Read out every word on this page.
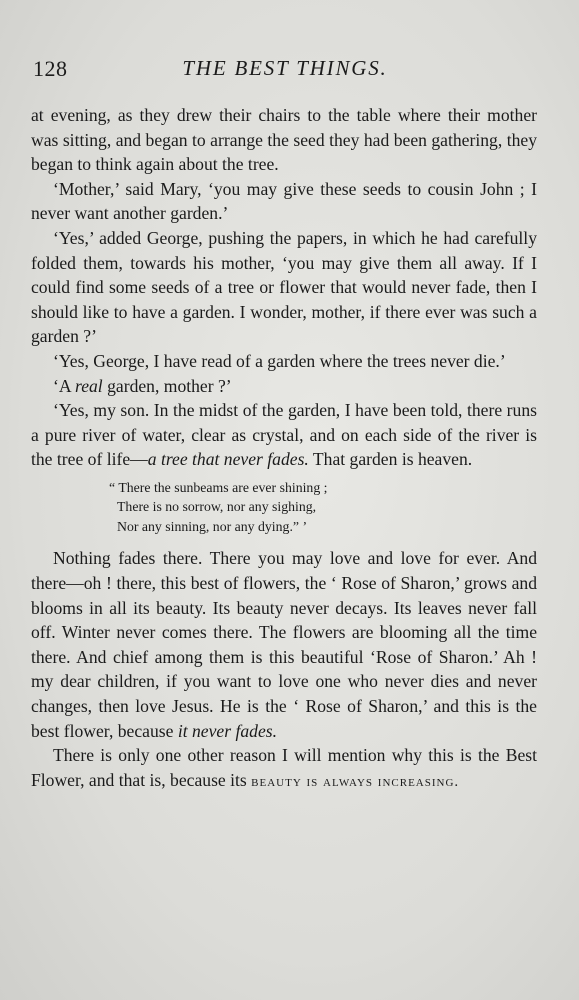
128	THE BEST THINGS.

at evening, as they drew their chairs to the table where their mother was sitting, and began to arrange the seed they had been gathering, they began to think again about the tree.

‘Mother,’ said Mary, ‘you may give these seeds to cousin John ; I never want another garden.’

‘Yes,’ added George, pushing the papers, in which he had carefully folded them, towards his mother, ‘you may give them all away. If I could find some seeds of a tree or flower that would never fade, then I should like to have a garden. I wonder, mother, if there ever was such a garden ?’

‘Yes, George, I have read of a garden where the trees never die.’

‘A real garden, mother ?’

‘Yes, my son. In the midst of the garden, I have been told, there runs a pure river of water, clear as crystal, and on each side of the river is the tree of life—a tree that never fades. That garden is heaven.

“ There the sunbeams are ever shining ;
There is no sorrow, nor any sighing,
Nor any sinning, nor any dying.” ’

Nothing fades there. There you may love and love for ever. And there—oh ! there, this best of flowers, the ‘ Rose of Sharon,’ grows and blooms in all its beauty. Its beauty never decays. Its leaves never fall off. Winter never comes there. The flowers are blooming all the time there. And chief among them is this beautiful ‘Rose of Sharon.’ Ah ! my dear children, if you want to love one who never dies and never changes, then love Jesus. He is the ‘ Rose of Sharon,’ and this is the best flower, because it never fades.

There is only one other reason I will mention why this is the Best Flower, and that is, because its beauty is always increasing.
